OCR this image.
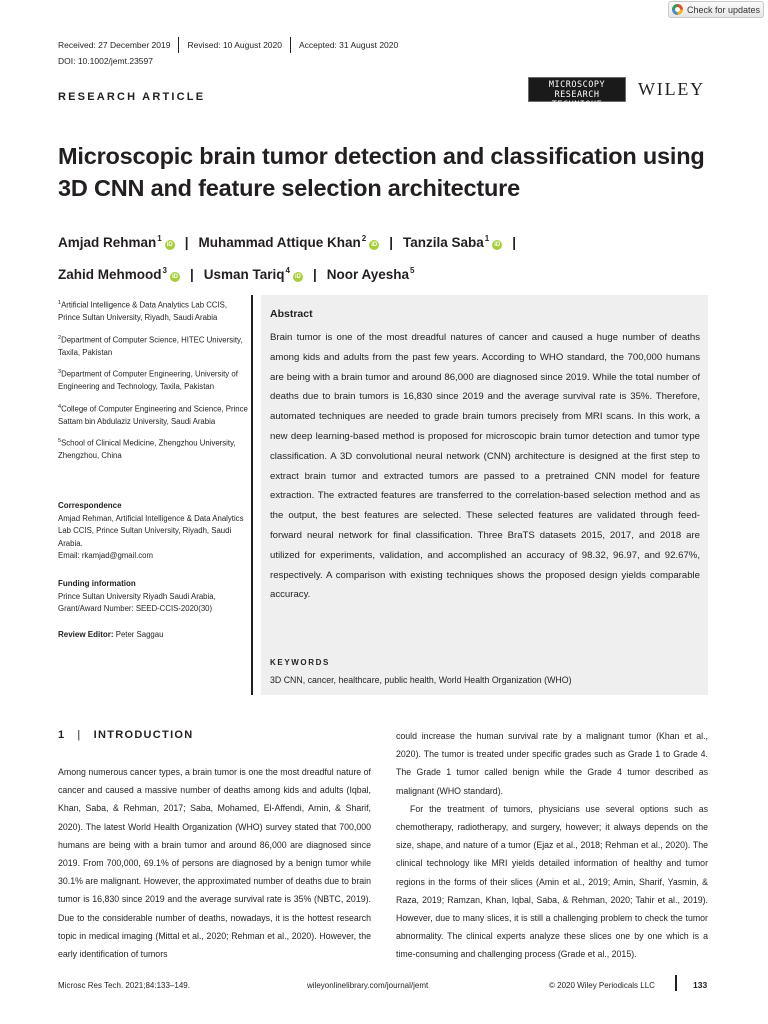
Check for updates
Received: 27 December 2019	Revised: 10 August 2020	Accepted: 31 August 2020
DOI: 10.1002/jemt.23597
RESEARCH ARTICLE
MICROSCOPY
RESEARCH TECHNIQUE
WILEY
Microscopic brain tumor detection and classification using 3D CNN and feature selection architecture
Amjad Rehman$^1$iD | Muhammad Attique Khan$^2$iD | Tanzila Saba$^1$iD |
Zahid Mehmood$^3$iD | Usman Tariq$^4$iD | Noor Ayesha$^5$
$^1$Artificial Intelligence & Data Analytics Lab CCIS, Prince Sultan University, Riyadh, Saudi Arabia
$^2$Department of Computer Science, HITEC University, Taxila, Pakistan
$^3$Department of Computer Engineering, University of Engineering and Technology, Taxila, Pakistan
$^4$College of Computer Engineering and Science, Prince Sattam bin Abdulaziz University, Saudi Arabia
$^5$School of Clinical Medicine, Zhengzhou University, Zhengzhou, China
Correspondence
Amjad Rehman, Artificial Intelligence & Data Analytics Lab CCIS, Prince Sultan University, Riyadh, Saudi Arabia.
Email: rkamjad@gmail.com
Funding information
Prince Sultan University Riyadh Saudi Arabia, Grant/Award Number: SEED-CCIS-2020(30)
Review Editor: Peter Saggau
Abstract
Brain tumor is one of the most dreadful natures of cancer and caused a huge number of deaths among kids and adults from the past few years. According to WHO standard, the 700,000 humans are being with a brain tumor and around 86,000 are diagnosed since 2019. While the total number of deaths due to brain tumors is 16,830 since 2019 and the average survival rate is 35%. Therefore, automated techniques are needed to grade brain tumors precisely from MRI scans. In this work, a new deep learning-based method is proposed for microscopic brain tumor detection and tumor type classification. A 3D convolutional neural network (CNN) architecture is designed at the first step to extract brain tumor and extracted tumors are passed to a pretrained CNN model for feature extraction. The extracted features are transferred to the correlation-based selection method and as the output, the best features are selected. These selected features are validated through feed-forward neural network for final classification. Three BraTS datasets 2015, 2017, and 2018 are utilized for experiments, validation, and accomplished an accuracy of 98.32, 96.97, and 92.67%, respectively. A comparison with existing techniques shows the proposed design yields comparable accuracy.
KEYWORDS
3D CNN, cancer, healthcare, public health, World Health Organization (WHO)
1 | INTRODUCTION

Among numerous cancer types, a brain tumor is one the most dreadful nature of cancer and caused a massive number of deaths among kids and adults (Iqbal, Khan, Saba, & Rehman, 2017; Saba, Mohamed, El-Affendi, Amin, & Sharif, 2020). The latest World Health Organization (WHO) survey stated that 700,000 humans are being with a brain tumor and around 86,000 are diagnosed since 2019. From 700,000, 69.1% of persons are diagnosed by a benign tumor while 30.1% are malignant. However, the approximated number of deaths due to brain tumor is 16,830 since 2019 and the average survival rate is 35% (NBTC, 2019). Due to the considerable number of deaths, nowadays, it is the hottest research topic in medical imaging (Mittal et al., 2020; Rehman et al., 2020). However, the early identification of tumors

could increase the human survival rate by a malignant tumor (Khan et al., 2020). The tumor is treated under specific grades such as Grade 1 to Grade 4. The Grade 1 tumor called benign while the Grade 4 tumor described as malignant (WHO standard).

For the treatment of tumors, physicians use several options such as chemotherapy, radiotherapy, and surgery, however; it always depends on the size, shape, and nature of a tumor (Ejaz et al., 2018; Rehman et al., 2020). The clinical technology like MRI yields detailed information of healthy and tumor regions in the forms of their slices (Amin et al., 2019; Amin, Sharif, Yasmin, & Raza, 2019; Ramzan, Khan, Iqbal, Saba, & Rehman, 2020; Tahir et al., 2019). However, due to many slices, it is still a challenging problem to check the tumor abnormality. The clinical experts analyze these slices one by one which is a time-consuming and challenging process (Grade et al., 2015).

Microsc Res Tech. 2021;84:133–149.	wileyonlinelibrary.com/journal/jemt	© 2020 Wiley Periodicals LLC	133
